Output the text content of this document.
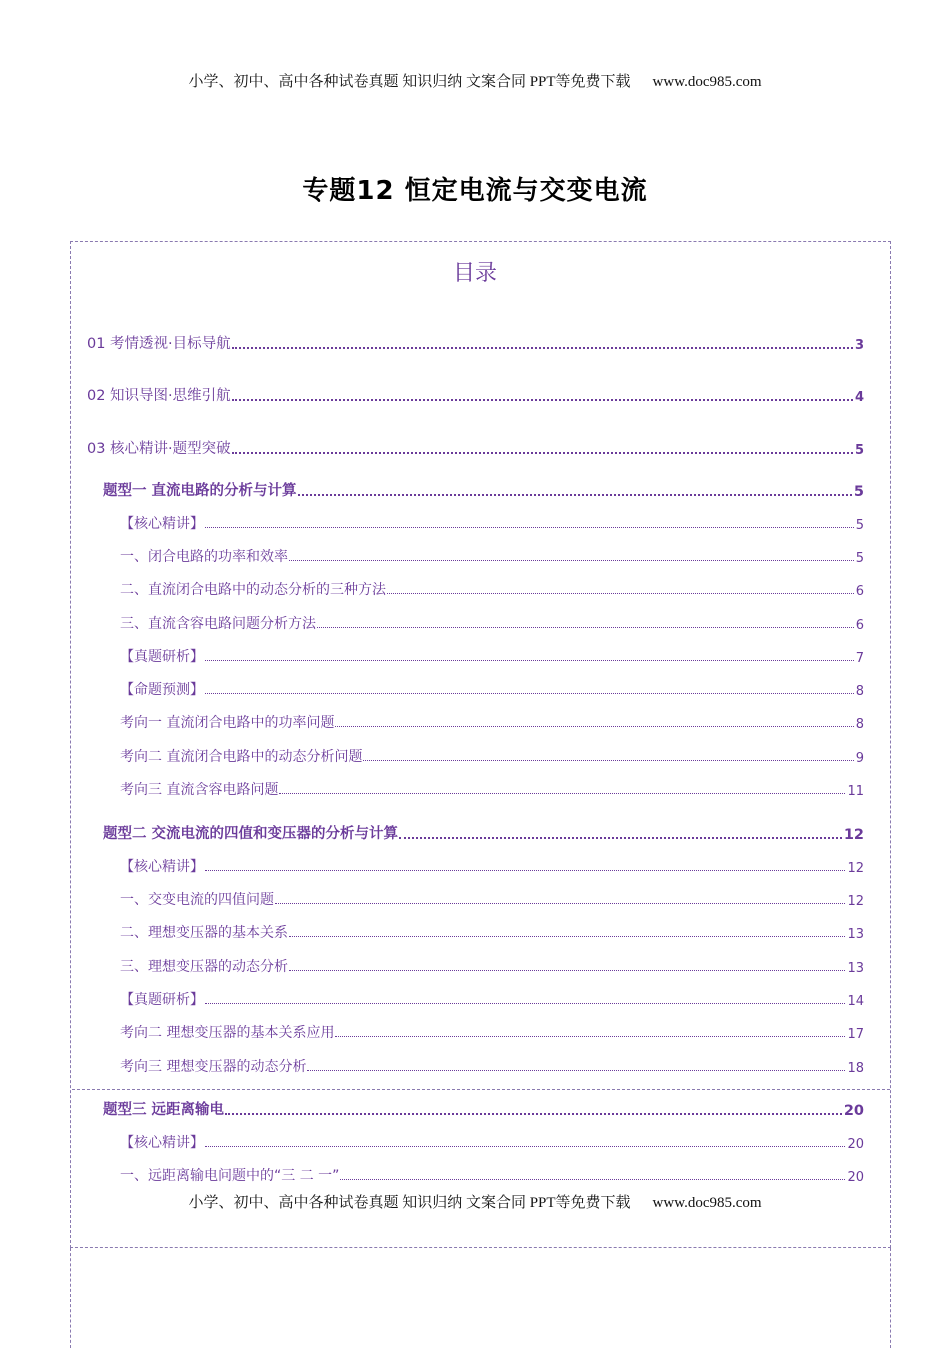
小学、初中、高中各种试卷真题 知识归纳 文案合同 PPT等免费下载 www.doc985.com
专题12 恒定电流与交变电流
目录
01 考情透视·目标导航	3
02 知识导图·思维引航	4
03 核心精讲·题型突破	5
题型一 直流电路的分析与计算	5
【核心精讲】	5
一、闭合电路的功率和效率	5
二、直流闭合电路中的动态分析的三种方法	6
三、直流含容电路问题分析方法	6
【真题研析】	7
【命题预测】	8
考向一 直流闭合电路中的功率问题	8
考向二 直流闭合电路中的动态分析问题	9
考向三 直流含容电路问题	11
题型二 交流电流的四值和变压器的分析与计算	12
【核心精讲】	12
一、交变电流的四值问题	12
二、理想变压器的基本关系	13
三、理想变压器的动态分析	13
【真题研析】	14
考向二 理想变压器的基本关系应用	17
考向三 理想变压器的动态分析	18
题型三 远距离输电	20
【核心精讲】	20
一、远距离输电问题中的“三 二 一”	20
小学、初中、高中各种试卷真题 知识归纳 文案合同 PPT等免费下载 www.doc985.com
